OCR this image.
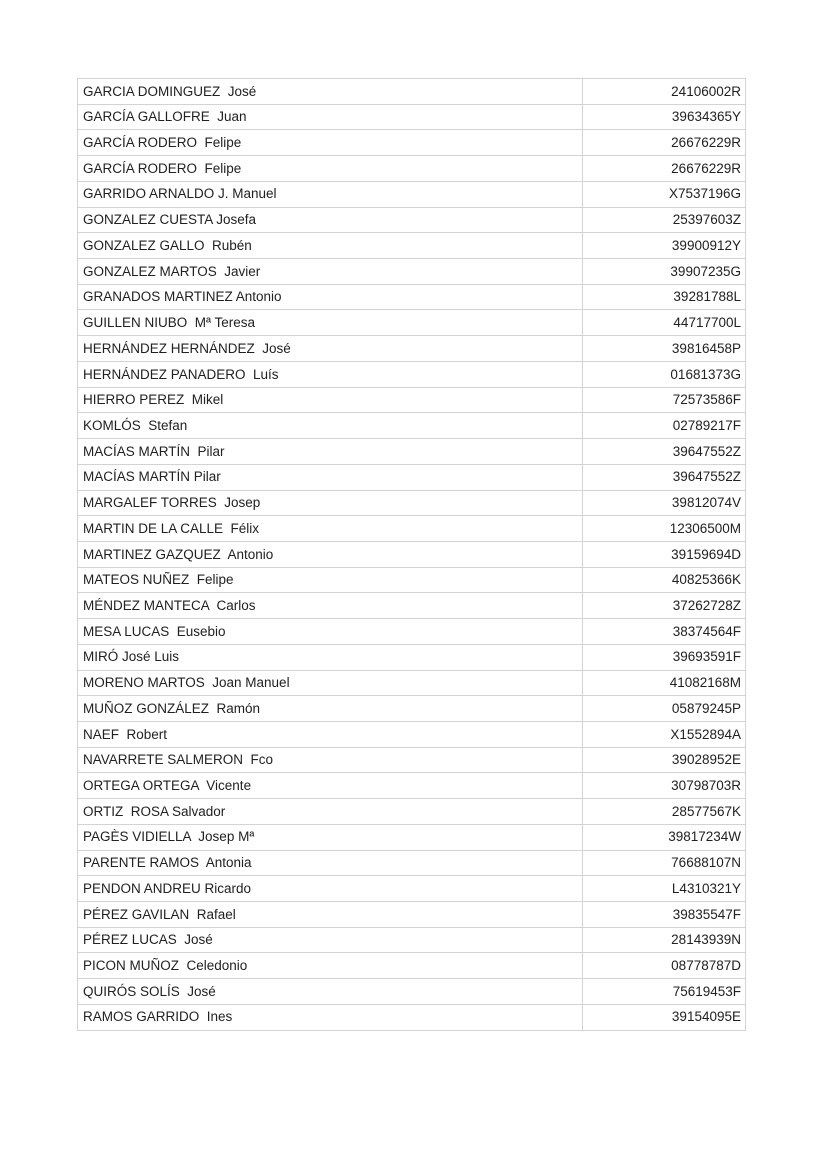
GARCIA DOMINGUEZ  José	24106002R
GARCÍA GALLOFRE  Juan	39634365Y
GARCÍA RODERO  Felipe	26676229R
GARCÍA RODERO  Felipe	26676229R
GARRIDO ARNALDO J. Manuel	X7537196G
GONZALEZ CUESTA Josefa	25397603Z
GONZALEZ GALLO  Rubén	39900912Y
GONZALEZ MARTOS  Javier	39907235G
GRANADOS MARTINEZ Antonio	39281788L
GUILLEN NIUBO  Mª Teresa	44717700L
HERNÁNDEZ HERNÁNDEZ  José	39816458P
HERNÁNDEZ PANADERO  Luís	01681373G
HIERRO PEREZ  Mikel	72573586F
KOMLÓS  Stefan	02789217F
MACÍAS MARTÍN  Pilar	39647552Z
MACÍAS MARTÍN Pilar	39647552Z
MARGALEF TORRES  Josep	39812074V
MARTIN DE LA CALLE  Félix	12306500M
MARTINEZ GAZQUEZ  Antonio	39159694D
MATEOS NUÑEZ  Felipe	40825366K
MÉNDEZ MANTECA  Carlos	37262728Z
MESA LUCAS  Eusebio	38374564F
MIRÓ José Luis	39693591F
MORENO MARTOS  Joan Manuel	41082168M
MUÑOZ GONZÁLEZ  Ramón	05879245P
NAEF  Robert	X1552894A
NAVARRETE SALMERON  Fco	39028952E
ORTEGA ORTEGA  Vicente	30798703R
ORTIZ  ROSA Salvador	28577567K
PAGÈS VIDIELLA  Josep Mª	39817234W
PARENTE RAMOS  Antonia	76688107N
PENDON ANDREU Ricardo	L4310321Y
PÉREZ GAVILAN  Rafael	39835547F
PÉREZ LUCAS  José	28143939N
PICON MUÑOZ  Celedonio	08778787D
QUIRÓS SOLÍS  José	75619453F
RAMOS GARRIDO  Ines	39154095E
